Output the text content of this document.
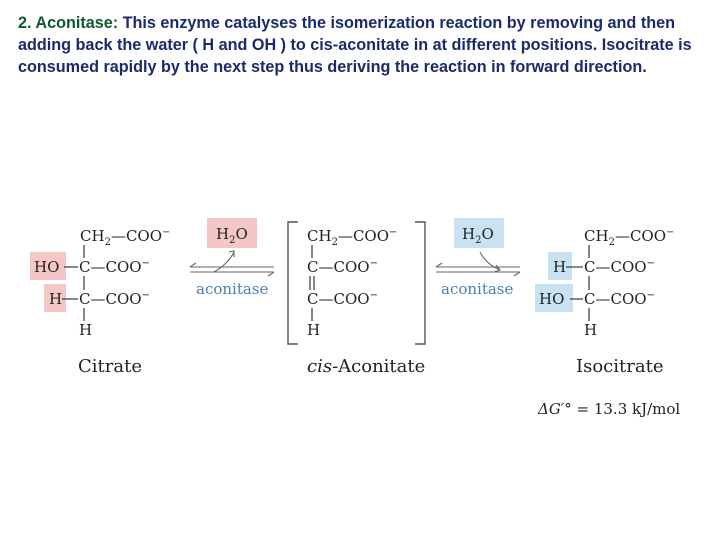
2. Aconitase: This enzyme catalyses the isomerization reaction by removing and then adding back the water ( H and OH ) to cis-aconitate in at different positions. Isocitrate is consumed rapidly by the next step thus deriving the reaction in forward direction.

$CH_2—COO^-$
HO C—COO−
H C—COO−
H
Citrate
$H_2O$
aconitase
$CH_2—COO^-$
C—COO−
C—COO−
H
cis-Aconitate
$H_2O$
aconitase
$CH_2—COO^-$
H C—COO−
HO C—COO−
H
Isocitrate
ΔG′° = 13.3 kJ/mol
